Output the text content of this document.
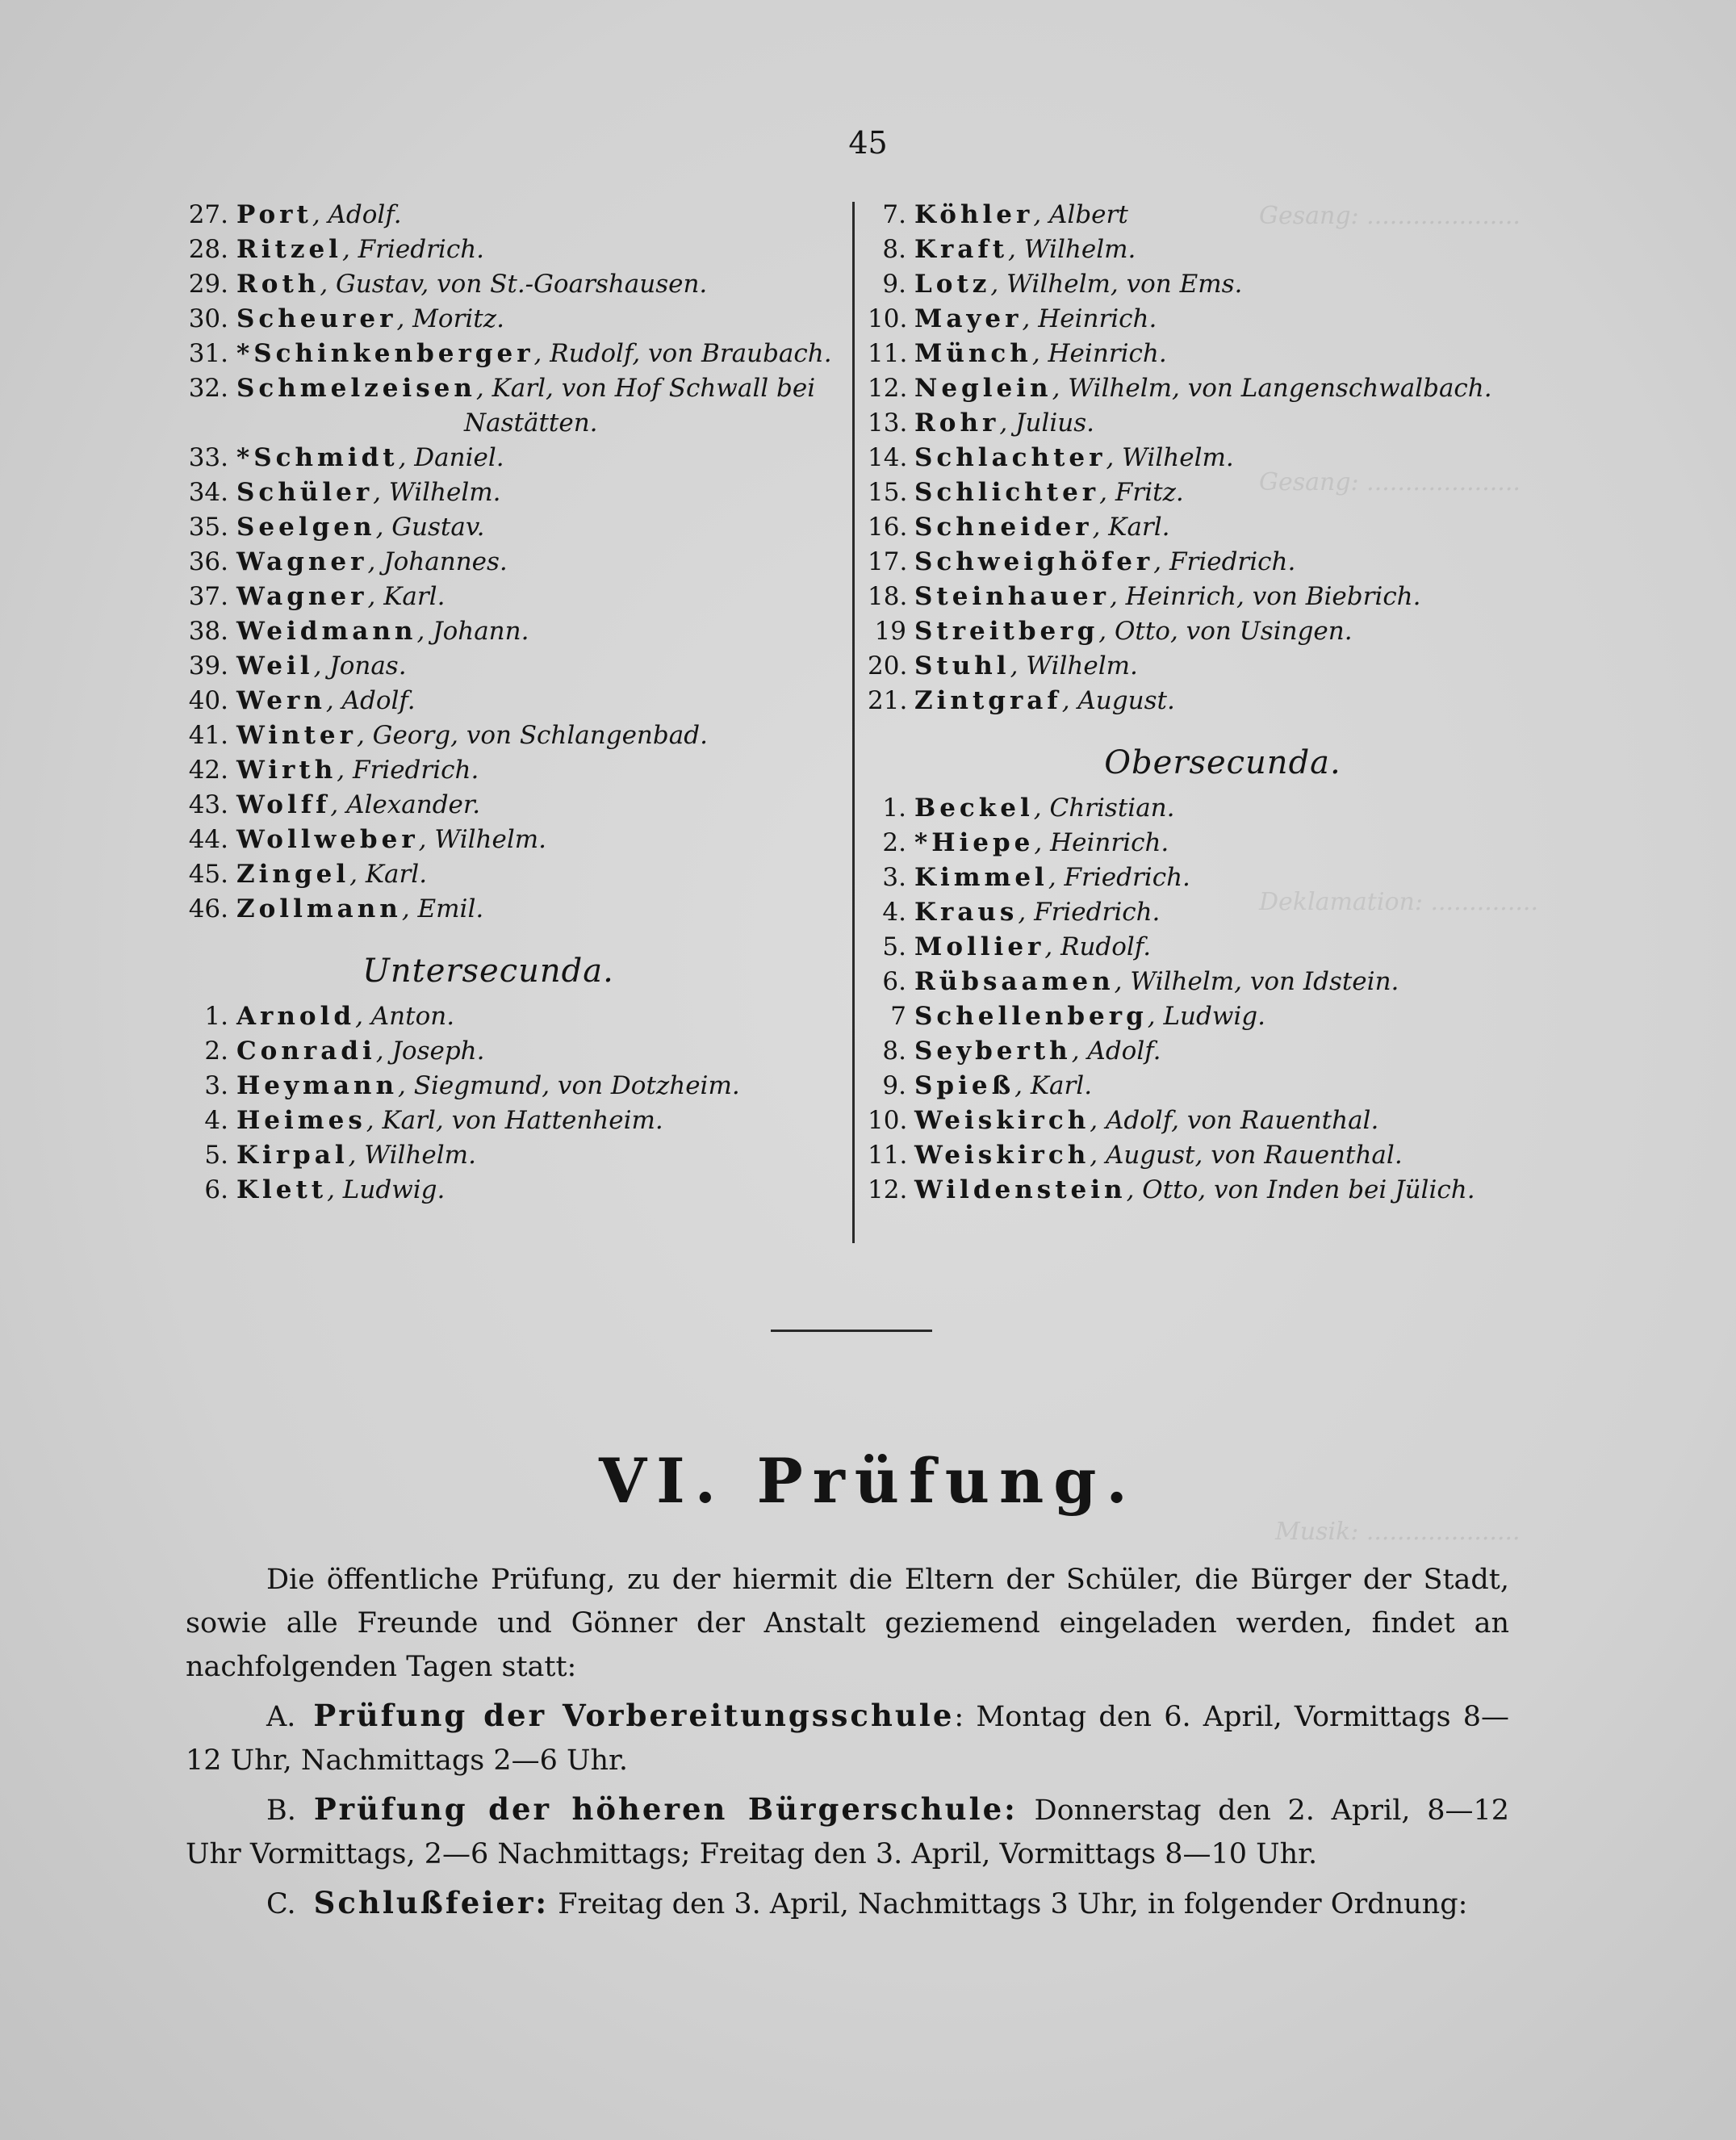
Gesang: ....................
Gesang: ....................
Deklamation: ..............
Musik: ....................
45
27. Port, Adolf.
28. Ritzel, Friedrich.
29. Roth, Gustav, von St.-Goarshausen.
30. Scheurer, Moritz.
31. *Schinkenberger, Rudolf, von Braubach.
32. Schmelzeisen, Karl, von Hof Schwall bei
Nastätten.
33. *Schmidt, Daniel.
34. Schüler, Wilhelm.
35. Seelgen, Gustav.
36. Wagner, Johannes.
37. Wagner, Karl.
38. Weidmann, Johann.
39. Weil, Jonas.
40. Wern, Adolf.
41. Winter, Georg, von Schlangenbad.
42. Wirth, Friedrich.
43. Wolff, Alexander.
44. Wollweber, Wilhelm.
45. Zingel, Karl.
46. Zollmann, Emil.
Untersecunda.
1. Arnold, Anton.
2. Conradi, Joseph.
3. Heymann, Siegmund, von Dotzheim.
4. Heimes, Karl, von Hattenheim.
5. Kirpal, Wilhelm.
6. Klett, Ludwig.
7. Köhler, Albert
8. Kraft, Wilhelm.
9. Lotz, Wilhelm, von Ems.
10. Mayer, Heinrich.
11. Münch, Heinrich.
12. Neglein, Wilhelm, von Langenschwalbach.
13. Rohr, Julius.
14. Schlachter, Wilhelm.
15. Schlichter, Fritz.
16. Schneider, Karl.
17. Schweighöfer, Friedrich.
18. Steinhauer, Heinrich, von Biebrich.
19 Streitberg, Otto, von Usingen.
20. Stuhl, Wilhelm.
21. Zintgraf, August.
Obersecunda.
1. Beckel, Christian.
2. *Hiepe, Heinrich.
3. Kimmel, Friedrich.
4. Kraus, Friedrich.
5. Mollier, Rudolf.
6. Rübsaamen, Wilhelm, von Idstein.
7 Schellenberg, Ludwig.
8. Seyberth, Adolf.
9. Spieß, Karl.
10. Weiskirch, Adolf, von Rauenthal.
11. Weiskirch, August, von Rauenthal.
12. Wildenstein, Otto, von Inden bei Jülich.
VI. Prüfung.

Die öffentliche Prüfung, zu der hiermit die Eltern der Schüler, die Bürger der Stadt, sowie alle Freunde und Gönner der Anstalt geziemend eingeladen werden, findet an nachfolgenden Tagen statt:

A. Prüfung der Vorbereitungsschule: Montag den 6. April, Vormittags 8—12 Uhr, Nachmittags 2—6 Uhr.

B. Prüfung der höheren Bürgerschule: Donnerstag den 2. April, 8—12 Uhr Vormittags, 2—6 Nachmittags; Freitag den 3. April, Vormittags 8—10 Uhr.

C. Schlußfeier: Freitag den 3. April, Nachmittags 3 Uhr, in folgender Ordnung:
